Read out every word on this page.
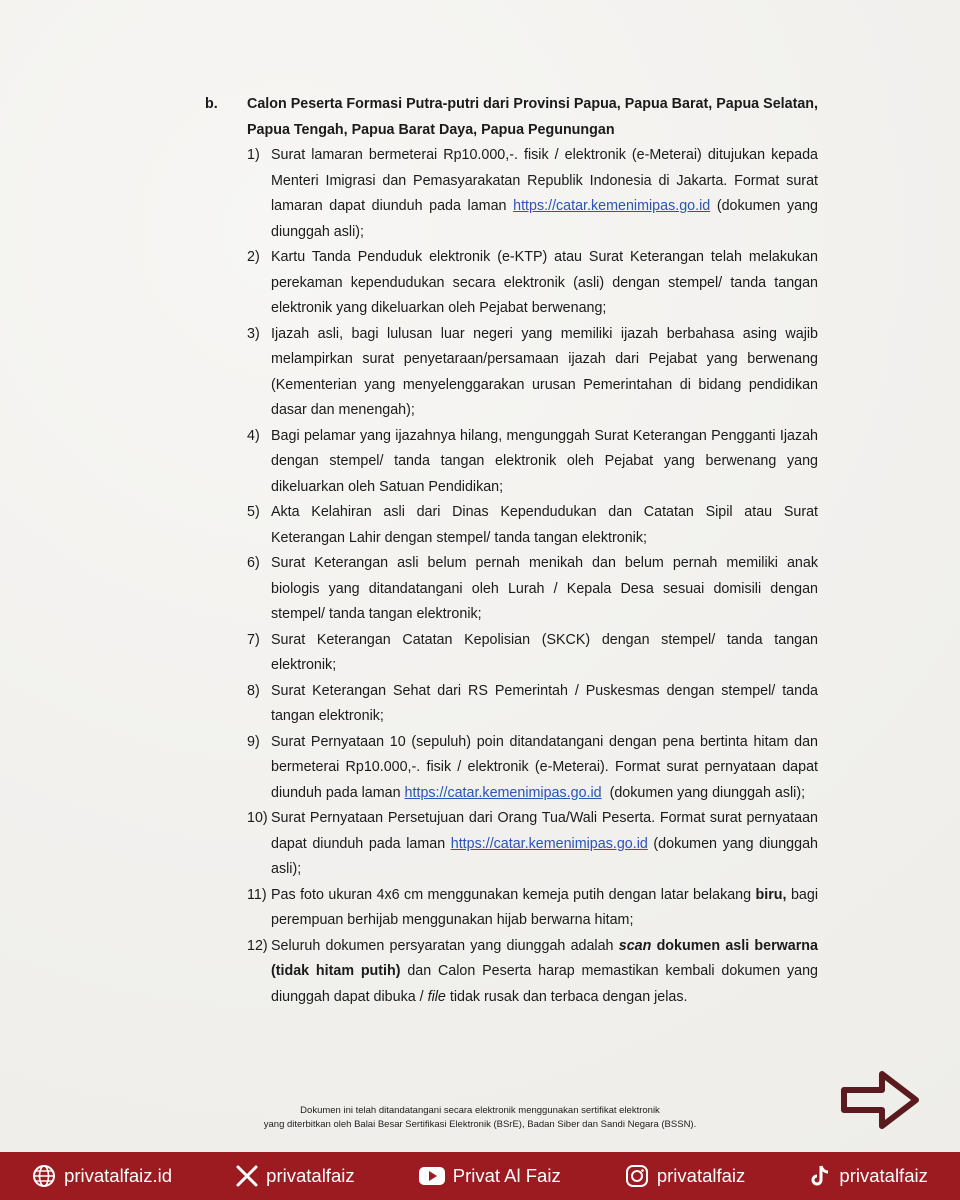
b.	Calon Peserta Formasi Putra-putri dari Provinsi Papua, Papua Barat, Papua Selatan, Papua Tengah, Papua Barat Daya, Papua Pegunungan
1) Surat lamaran bermeterai Rp10.000,-. fisik / elektronik (e-Meterai) ditujukan kepada Menteri Imigrasi dan Pemasyarakatan Republik Indonesia di Jakarta. Format surat lamaran dapat diunduh pada laman https://catar.kemenimipas.go.id (dokumen yang diunggah asli);
2) Kartu Tanda Penduduk elektronik (e-KTP) atau Surat Keterangan telah melakukan perekaman kependudukan secara elektronik (asli) dengan stempel/ tanda tangan elektronik yang dikeluarkan oleh Pejabat berwenang;
3) Ijazah asli, bagi lulusan luar negeri yang memiliki ijazah berbahasa asing wajib melampirkan surat penyetaraan/persamaan ijazah dari Pejabat yang berwenang (Kementerian yang menyelenggarakan urusan Pemerintahan di bidang pendidikan dasar dan menengah);
4) Bagi pelamar yang ijazahnya hilang, mengunggah Surat Keterangan Pengganti Ijazah dengan stempel/ tanda tangan elektronik oleh Pejabat yang berwenang yang dikeluarkan oleh Satuan Pendidikan;
5) Akta Kelahiran asli dari Dinas Kependudukan dan Catatan Sipil atau Surat Keterangan Lahir dengan stempel/ tanda tangan elektronik;
6) Surat Keterangan asli belum pernah menikah dan belum pernah memiliki anak biologis yang ditandatangani oleh Lurah / Kepala Desa sesuai domisili dengan stempel/ tanda tangan elektronik;
7) Surat Keterangan Catatan Kepolisian (SKCK) dengan stempel/ tanda tangan elektronik;
8) Surat Keterangan Sehat dari RS Pemerintah / Puskesmas dengan stempel/ tanda tangan elektronik;
9) Surat Pernyataan 10 (sepuluh) poin ditandatangani dengan pena bertinta hitam dan bermeterai Rp10.000,-. fisik / elektronik (e-Meterai). Format surat pernyataan dapat diunduh pada laman https://catar.kemenimipas.go.id  (dokumen yang diunggah asli);
10) Surat Pernyataan Persetujuan dari Orang Tua/Wali Peserta. Format surat pernyataan dapat diunduh pada laman https://catar.kemenimipas.go.id (dokumen yang diunggah asli);
11) Pas foto ukuran 4x6 cm menggunakan kemeja putih dengan latar belakang biru, bagi perempuan berhijab menggunakan hijab berwarna hitam;
12) Seluruh dokumen persyaratan yang diunggah adalah scan dokumen asli berwarna (tidak hitam putih) dan Calon Peserta harap memastikan kembali dokumen yang diunggah dapat dibuka / file tidak rusak dan terbaca dengan jelas.
Dokumen ini telah ditandatangani secara elektronik menggunakan sertifikat elektronik
yang diterbitkan oleh Balai Besar Sertifikasi Elektronik (BSrE), Badan Siber dan Sandi Negara (BSSN).
privatalfaiz.id	privatalfaiz	Privat Al Faiz	privatalfaiz	privatalfaiz
